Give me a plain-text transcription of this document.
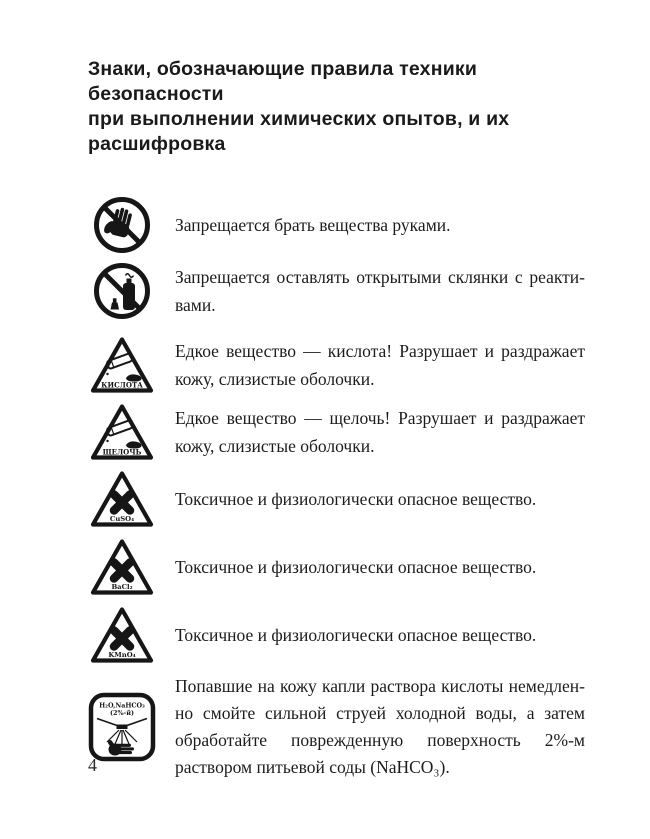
Знаки, обозначающие правила техники безопасности
при выполнении химических опытов, и их расшифровка

Запрещается брать вещества руками.

Запрещается оставлять открытыми склянки с реактивами.

КИСЛОТА

Едкое вещество — кислота! Разрушает и раздражает кожу, слизистые оболочки.

ЩЕЛОЧЬ

Едкое вещество — щелочь! Разрушает и раздражает кожу, слизистые оболочки.

CuSO₄

Токсичное и физиологически опасное вещество.

BaCl₂

Токсичное и физиологически опасное вещество.

KMnO₄

Токсичное и физиологически опасное вещество.

H₂O,NaHCO₃
(2%-й)

Попавшие на кожу капли раствора кислоты немедленно смойте сильной струей холодной воды, а затем обработайте поврежденную поверхность 2%-м раствором питьевой соды (NaHCO₃).

4
